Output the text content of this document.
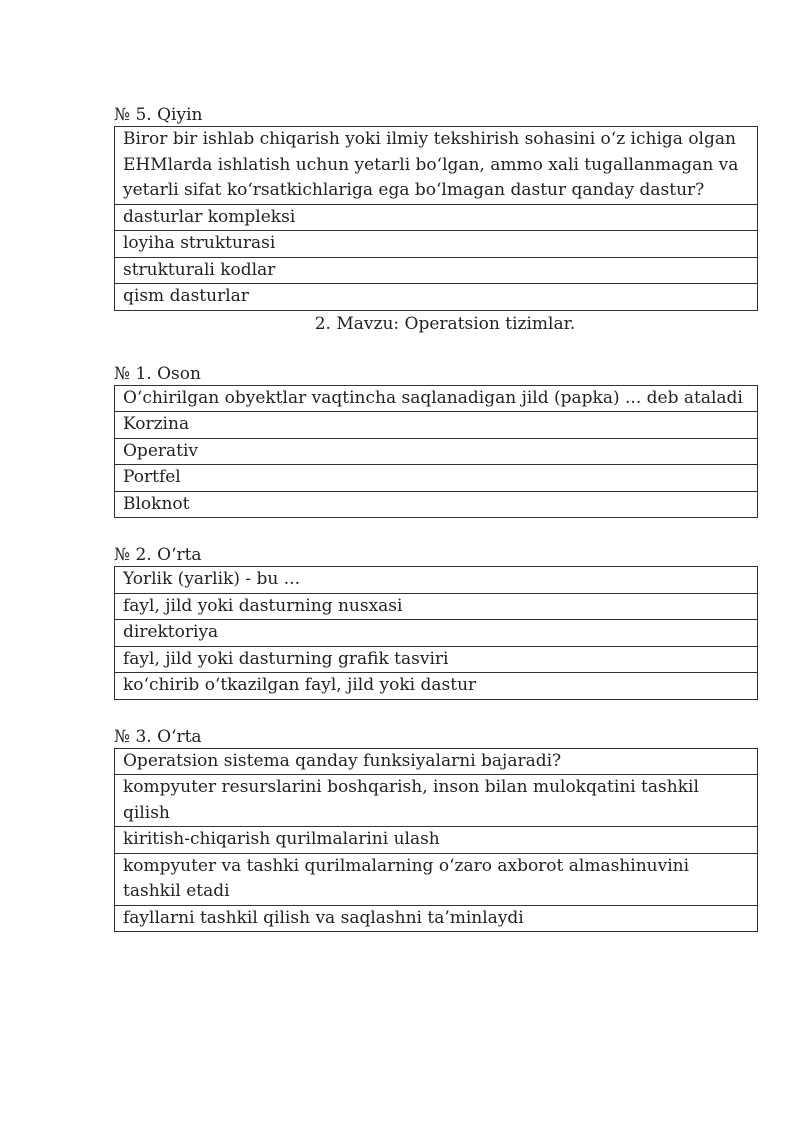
№ 5. Qiyin
Biror bir ishlab chiqarish yoki ilmiy tekshirish sohasini o‘z ichiga olgan EHMlarda ishlatish uchun yetarli bo‘lgan, ammo xali tugallanmagan va yetarli sifat ko‘rsatkichlariga ega bo‘lmagan dastur qanday dastur?
dasturlar kompleksi
loyiha strukturasi
strukturali kodlar
qism dasturlar
2. Mavzu: Operatsion tizimlar.
№ 1. Oson
O‘chirilgan obyektlar vaqtincha saqlanadigan jild (papka) ... deb ataladi
Korzina
Operativ
Portfel
Bloknot
№ 2. O‘rta
Yorlik (yarlik) - bu ...
fayl, jild yoki dasturning nusxasi
direktoriya
fayl, jild yoki dasturning grafik tasviri
ko‘chirib o‘tkazilgan fayl, jild yoki dastur
№ 3. O‘rta
Operatsion sistema qanday funksiyalarni bajaradi?
kompyuter resurslarini boshqarish, inson bilan mulokqatini tashkil qilish
kiritish-chiqarish qurilmalarini ulash
kompyuter va tashki qurilmalarning o‘zaro axborot almashinuvini tashkil etadi
fayllarni tashkil qilish va saqlashni ta’minlaydi
